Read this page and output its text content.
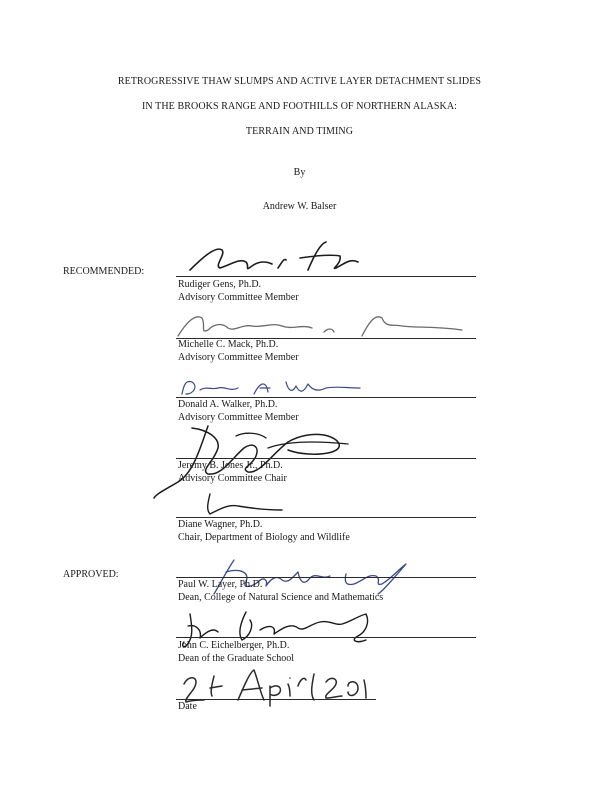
RETROGRESSIVE THAW SLUMPS AND ACTIVE LAYER DETACHMENT SLIDES
IN THE BROOKS RANGE AND FOOTHILLS OF NORTHERN ALASKA:
TERRAIN AND TIMING
By
Andrew W. Balser
RECOMMENDED:
APPROVED:
Rudiger Gens, Ph.D.
Advisory Committee Member
Michelle C. Mack, Ph.D.
Advisory Committee Member
Donald A. Walker, Ph.D.
Advisory Committee Member
Jeremy B. Jones Jr., Ph.D.
Advisory Committee Chair
Diane Wagner, Ph.D.
Chair, Department of Biology and Wildlife
Paul W. Layer, Ph.D.
Dean, College of Natural Science and Mathematics
John C. Eichelberger, Ph.D.
Dean of the Graduate School
Date
